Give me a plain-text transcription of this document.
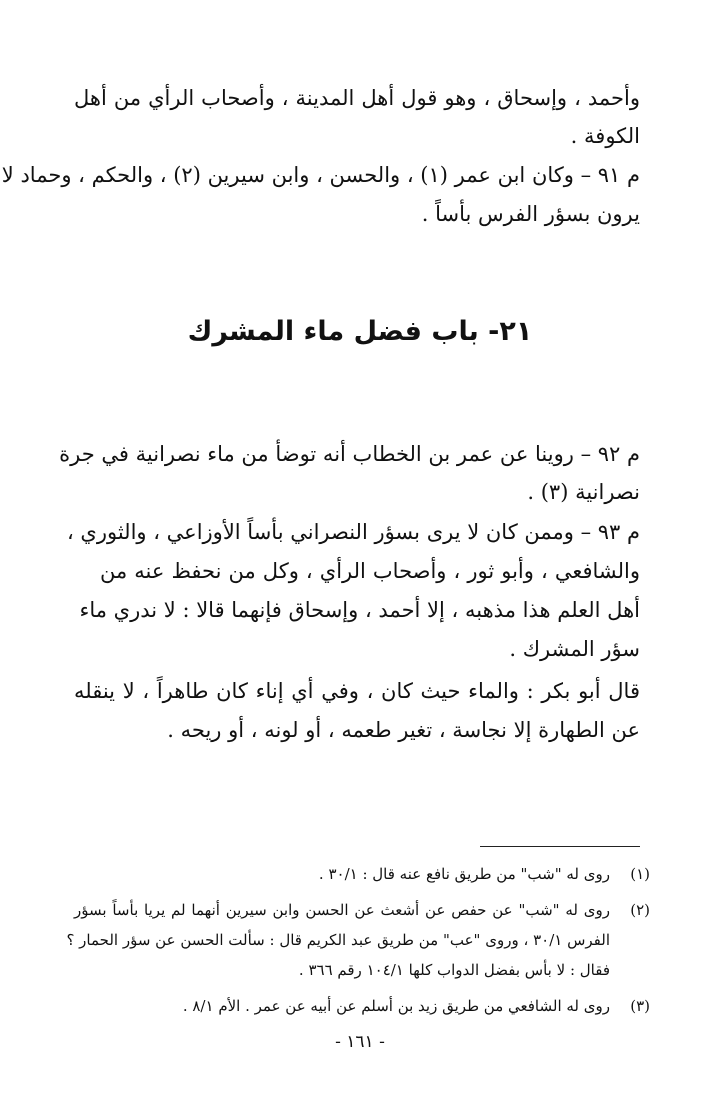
وأحمد ، وإسحاق ، وهو قول أهل المدينة ، وأصحاب الرأي من أهل
الكوفة .
م ٩١ – وكان ابن عمر (١) ، والحسن ، وابن سيرين (٢) ، والحكم ، وحماد لا
يرون بسؤر الفرس بأساً .
٢١- باب فضل ماء المشرك
م ٩٢ – روينا عن عمر بن الخطاب أنه توضأ من ماء نصرانية في جرة
نصرانية (٣) .
م ٩٣ – وممن كان لا يرى بسؤر النصراني بأساً الأوزاعي ، والثوري ،
والشافعي ، وأبو ثور ، وأصحاب الرأي ، وكل من نحفظ عنه من
أهل العلم هذا مذهبه ، إلا أحمد ، وإسحاق فإنهما قالا : لا ندري ماء
سؤر المشرك .
قال أبو بكر : والماء حيث كان ، وفي أي إناء كان طاهراً ، لا ينقله
عن الطهارة إلا نجاسة ، تغير طعمه ، أو لونه ، أو ريحه .
(١)روى له "شب" من طريق نافع عنه قال : ٣٠/١ .
(٢)روى له "شب" عن حفص عن أشعث عن الحسن وابن سيرين أنهما لم يريا بأساً بسؤر
الفرس ٣٠/١ ، وروى "عب" من طريق عبد الكريم قال : سألت الحسن عن سؤر الحمار ؟
فقال : لا بأس بفضل الدواب كلها ١٠٤/١ رقم ٣٦٦ .
(٣)روى له الشافعي من طريق زيد بن أسلم عن أبيه عن عمر . الأم ٨/١ .
- ١٦١ -
